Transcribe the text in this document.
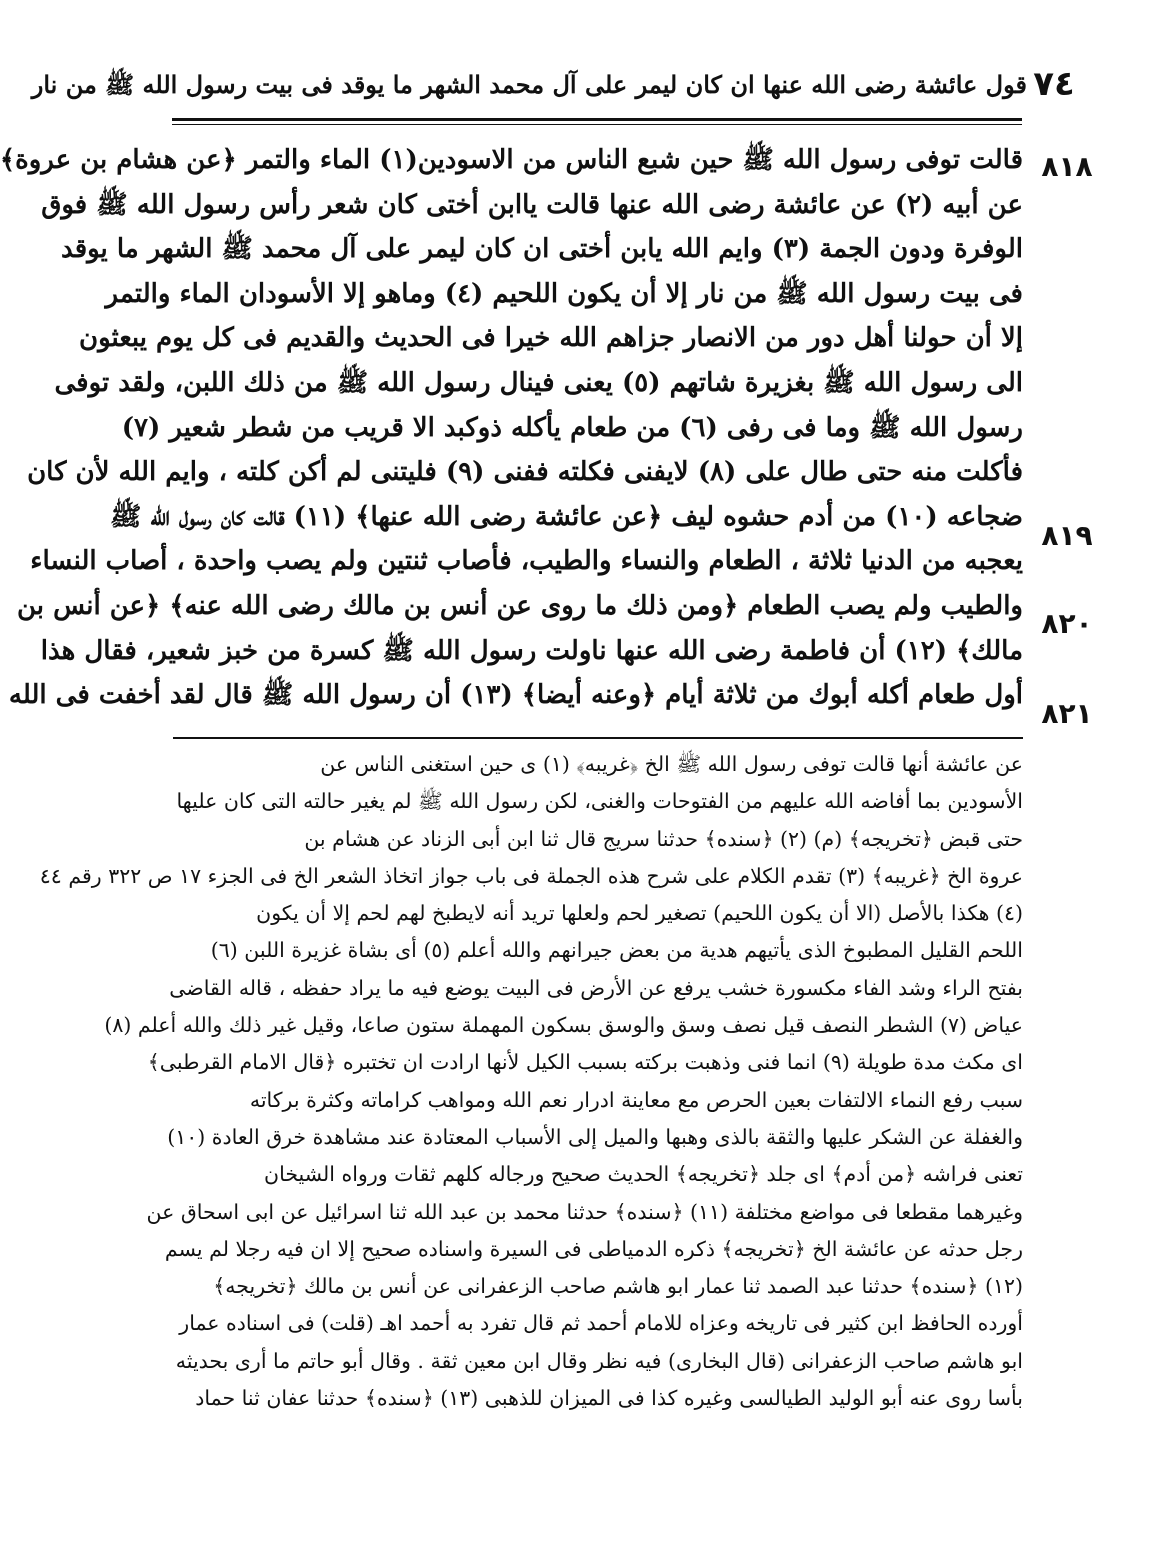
قول عائشة رضى الله عنها ان كان ليمر على آل محمد الشهر ما يوقد فى بيت رسول الله ﷺ من نار ٧٤
٨١٨
٨١٩
٨٢٠
٨٢١
قالت توفى رسول الله ﷺ حين شبع الناس من الاسودين(١) الماء والتمر ﴿عن هشام بن عروة﴾
عن أبيه (٢) عن عائشة رضى الله عنها قالت ياابن أختى كان شعر رأس رسول الله ﷺ فوق
الوفرة ودون الجمة (٣) وايم الله يابن أختى ان كان ليمر على آل محمد ﷺ الشهر ما يوقد
فى بيت رسول الله ﷺ من نار إلا أن يكون اللحيم (٤) وماهو إلا الأسودان الماء والتمر
إلا أن حولنا أهل دور من الانصار جزاهم الله خيرا فى الحديث والقديم فى كل يوم يبعثون
الى رسول الله ﷺ بغزيرة شاتهم (٥) يعنى فينال رسول الله ﷺ من ذلك اللبن، ولقد توفى
رسول الله ﷺ وما فى رفى (٦) من طعام يأكله ذوكبد الا قريب من شطر شعير (٧)
فأكلت منه حتى طال على (٨) لايفنى فكلته ففنى (٩) فليتنى لم أكن كلته ، وايم الله لأن كان
ضجاعه (١٠) من أدم حشوه ليف ﴿عن عائشة رضى الله عنها﴾ (١١) قالت كان رسول الله ﷺ
يعجبه من الدنيا ثلاثة ، الطعام والنساء والطيب، فأصاب ثنتين ولم يصب واحدة ، أصاب النساء
والطيب ولم يصب الطعام ﴿ومن ذلك ما روى عن أنس بن مالك رضى الله عنه﴾ ﴿عن أنس بن
مالك﴾ (١٢) أن فاطمة رضى الله عنها ناولت رسول الله ﷺ كسرة من خبز شعير، فقال هذا
أول طعام أكله أبوك من ثلاثة أيام ﴿وعنه أيضا﴾ (١٣) أن رسول الله ﷺ قال لقد أخفت فى الله
عن عائشة أنها قالت توفى رسول الله ﷺ الخ ﴿غريبه﴾ (١) ى حين استغنى الناس عن
الأسودين بما أفاضه الله عليهم من الفتوحات والغنى، لكن رسول الله ﷺ لم يغير حالته التى كان عليها
حتى قبض ﴿تخريجه﴾ (م) (٢) ﴿سنده﴾ حدثنا سريج قال ثنا ابن أبى الزناد عن هشام بن
عروة الخ ﴿غريبه﴾ (٣) تقدم الكلام على شرح هذه الجملة فى باب جواز اتخاذ الشعر الخ فى الجزء ١٧ ص ٣٢٢ رقم ٤٤
(٤) هكذا بالأصل (الا أن يكون اللحيم) تصغير لحم ولعلها تريد أنه لايطبخ لهم لحم إلا أن يكون
اللحم القليل المطبوخ الذى يأتيهم هدية من بعض جيرانهم والله أعلم (٥) أى بشاة غزيرة اللبن (٦)
بفتح الراء وشد الفاء مكسورة خشب يرفع عن الأرض فى البيت يوضع فيه ما يراد حفظه ، قاله القاضى
عياض (٧) الشطر النصف قيل نصف وسق والوسق بسكون المهملة ستون صاعا، وقيل غير ذلك والله أعلم (٨)
اى مكث مدة طويلة (٩) انما فنى وذهبت بركته بسبب الكيل لأنها ارادت ان تختبره ﴿قال الامام القرطبى﴾
سبب رفع النماء الالتفات بعين الحرص مع معاينة ادرار نعم الله ومواهب كراماته وكثرة بركاته
والغفلة عن الشكر عليها والثقة بالذى وهبها والميل إلى الأسباب المعتادة عند مشاهدة خرق العادة (١٠)
تعنى فراشه ﴿من أدم﴾ اى جلد ﴿تخريجه﴾ الحديث صحيح ورجاله كلهم ثقات ورواه الشيخان
وغيرهما مقطعا فى مواضع مختلفة (١١) ﴿سنده﴾ حدثنا محمد بن عبد الله ثنا اسرائيل عن ابى اسحاق عن
رجل حدثه عن عائشة الخ ﴿تخريجه﴾ ذكره الدمياطى فى السيرة واسناده صحيح إلا ان فيه رجلا لم يسم
(١٢) ﴿سنده﴾ حدثنا عبد الصمد ثنا عمار ابو هاشم صاحب الزعفرانى عن أنس بن مالك ﴿تخريجه﴾
أورده الحافظ ابن كثير فى تاريخه وعزاه للامام أحمد ثم قال تفرد به أحمد اهـ (قلت) فى اسناده عمار
ابو هاشم صاحب الزعفرانى (قال البخارى) فيه نظر وقال ابن معين ثقة . وقال أبو حاتم ما أرى بحديثه
بأسا روى عنه أبو الوليد الطيالسى وغيره كذا فى الميزان للذهبى (١٣) ﴿سنده﴾ حدثنا عفان ثنا حماد
